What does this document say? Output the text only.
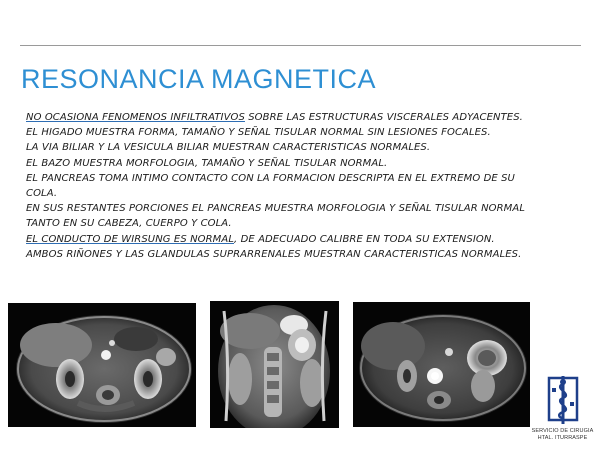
RESONANCIA MAGNETICA
NO OCASIONA FENOMENOS INFILTRATIVOS SOBRE LAS ESTRUCTURAS VISCERALES ADYACENTES.
EL HIGADO MUESTRA FORMA, TAMAÑO Y SEÑAL TISULAR NORMAL SIN LESIONES FOCALES.
LA VIA BILIAR Y LA VESICULA BILIAR MUESTRAN CARACTERISTICAS NORMALES.
EL BAZO MUESTRA MORFOLOGIA, TAMAÑO Y SEÑAL TISULAR NORMAL.
EL PANCREAS TOMA INTIMO CONTACTO CON LA FORMACION DESCRIPTA EN EL EXTREMO DE SU
COLA.
EN SUS RESTANTES PORCIONES EL PANCREAS MUESTRA MORFOLOGIA Y SEÑAL TISULAR NORMAL
TANTO EN SU CABEZA, CUERPO Y COLA.
EL CONDUCTO DE WIRSUNG ES NORMAL, DE ADECUADO CALIBRE EN TODA SU EXTENSION.
AMBOS RIÑONES Y LAS GLANDULAS SUPRARRENALES MUESTRAN CARACTERISTICAS NORMALES.
SERVICIO DE CIRUGIA
HTAL. ITURRASPE
